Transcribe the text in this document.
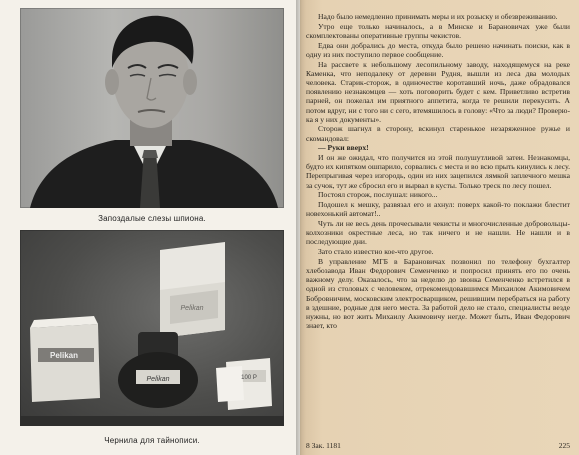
Запоздалые слезы шпиона.
Pelikan
Pelikan
Pelikan	100 P
Чернила для тайнописи.

Надо было немедленно принимать меры и их розыску и обезвреживанию.

Утро еще только начиналось, а в Минске и Барановичах уже были скомплектованы оперативные группы чекистов.

Едва они добрались до места, откуда было решено начинать поиски, как в одну из них поступило первое сообщение.

На рассвете к небольшому лесопильному заводу, находящемуся на реке Каменка, что неподалеку от деревни Рудня, вышли из леса два молодых человека. Старик-сторож, в одиночестве коротавший ночь, даже обрадовался появлению незнакомцев — хоть поговорить будет с кем. Приветливо встретив парней, он пожелал им приятного аппетита, когда те решили перекусить. А потом вдруг, ни с того ни с сего, втемяшилось в голову: «Что за люди? Проверю-ка я у них документы».

Сторож шагнул в сторону, вскинул старенькое незаряженное ружье и скомандовал:

— Руки вверх!

И он же ожидал, что получится из этой полушутливой затеи. Незнакомцы, будто их кипятком ошпарило, сорвались с места и во всю прыть кинулись к лесу. Перепрыгивая через изгородь, один из них зацепился лямкой заплечного мешка за сучок, тут же сбросил его и вырвал в кусты. Только треск по лесу пошел.

Постоял сторож, послушал: никого...

Подошел к мешку, развязал его и ахнул: поверх какой-то поклажи блестит новехонький автомат!..

Чуть ли не весь день прочесывали чекисты и многочисленные добровольцы-колхозники окрестные леса, но так ничего и не нашли. Не нашли и в последующие дни.

Зато стало известно кое-что другое.

В управление МГБ в Барановичах позвонил по телефону бухгалтер хлебозавода Иван Федорович Семенченко и попросил принять его по очень важному делу. Оказалось, что за неделю до звонка Семенченко встретился в одной из столовых с человеком, отрекомендовавшимся Михаилом Акимовичем Бобровничим, московским электросварщиком, решившим перебраться на работу в здешние, родные для него места. За работой дело не стало, специалисты везде нужны, но вот жить Михаилу Акимовичу негде. Может быть, Иван Федорович знает, кто

8 Зак. 1181	225
